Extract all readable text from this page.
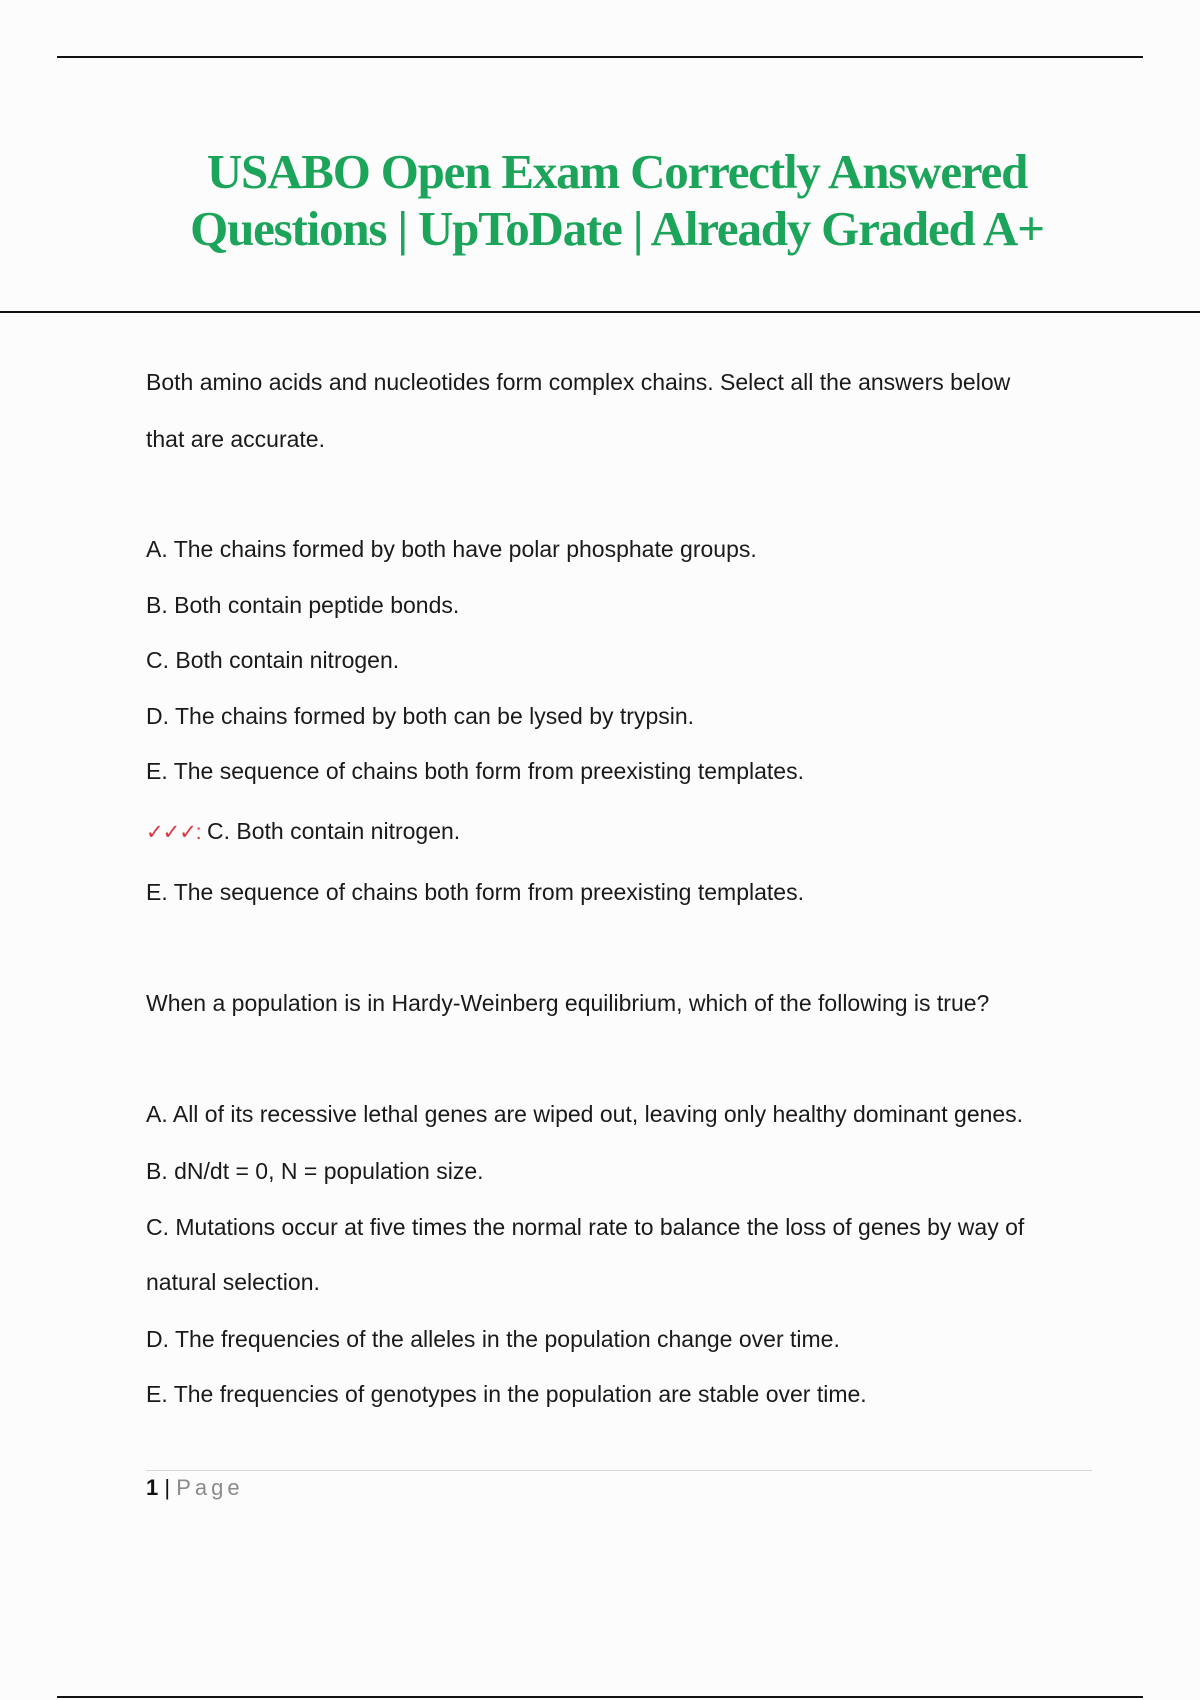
USABO Open Exam Correctly Answered
Questions | UpToDate | Already Graded A+
Both amino acids and nucleotides form complex chains. Select all the answers below
that are accurate.
A. The chains formed by both have polar phosphate groups.
B. Both contain peptide bonds.
C. Both contain nitrogen.
D. The chains formed by both can be lysed by trypsin.
E. The sequence of chains both form from preexisting templates.
✓✓✓: C. Both contain nitrogen.
E. The sequence of chains both form from preexisting templates.
When a population is in Hardy-Weinberg equilibrium, which of the following is true?
A. All of its recessive lethal genes are wiped out, leaving only healthy dominant genes.
B. dN/dt = 0, N = population size.
C. Mutations occur at five times the normal rate to balance the loss of genes by way of
natural selection.
D. The frequencies of the alleles in the population change over time.
E. The frequencies of genotypes in the population are stable over time.
1 | Page
